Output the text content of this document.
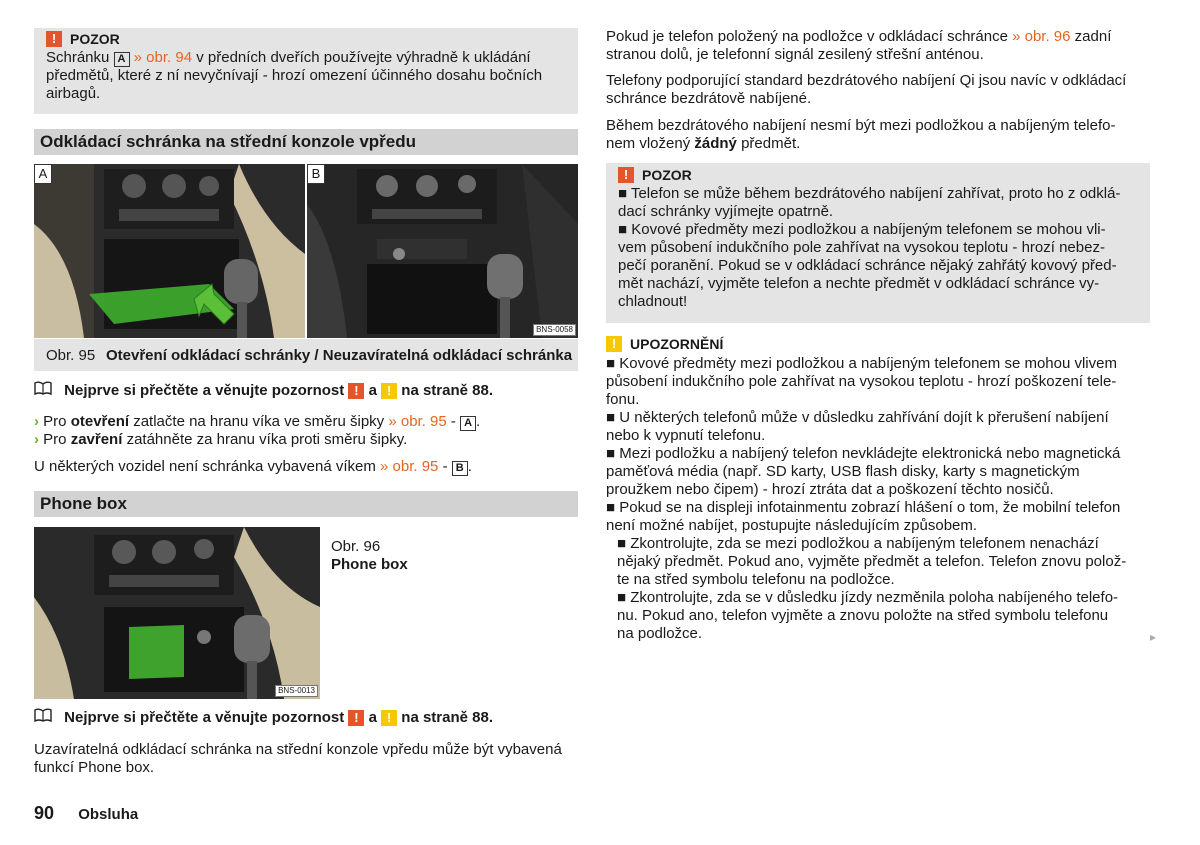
! POZOR
Schránku A » obr. 94 v předních dveřích používejte výhradně k ukládání
předmětů, které z ní nevyčnívají - hrozí omezení účinného dosahu bočních
airbagů.
Odkládací schránka na střední konzole vpředu
A	B
BNS-0058
Obr. 95 Otevření odkládací schránky / Neuzavíratelná odkládací schránka
Nejprve si přečtěte a věnujte pozornost ! a ! na straně 88.
› Pro otevření zatlačte na hranu víka ve směru šipky » obr. 95 - A .
› Pro zavření zatáhněte za hranu víka proti směru šipky.
U některých vozidel není schránka vybavená víkem » obr. 95 - B .
Phone box
BNS-0013
Obr. 96
Phone box
Nejprve si přečtěte a věnujte pozornost ! a ! na straně 88.
Uzavíratelná odkládací schránka na střední konzole vpředu může být vybavená
funkcí Phone box.
90 Obsluha
Pokud je telefon položený na podložce v odkládací schránce » obr. 96 zadní
stranou dolů, je telefonní signál zesilený střešní anténou.
Telefony podporující standard bezdrátového nabíjení Qi jsou navíc v odkládací
schránce bezdrátově nabíjené.
Během bezdrátového nabíjení nesmí být mezi podložkou a nabíjeným telefo-
nem vložený žádný předmět.
! POZOR
■ Telefon se může během bezdrátového nabíjení zahřívat, proto ho z odklá-
dací schránky vyjímejte opatrně.
■ Kovové předměty mezi podložkou a nabíjeným telefonem se mohou vli-
vem působení indukčního pole zahřívat na vysokou teplotu - hrozí nebez-
pečí poranění. Pokud se v odkládací schránce nějaký zahřátý kovový před-
mět nachází, vyjměte telefon a nechte předmět v odkládací schránce vy-
chladnout!
! UPOZORNĚNÍ
■ Kovové předměty mezi podložkou a nabíjeným telefonem se mohou vlivem
působení indukčního pole zahřívat na vysokou teplotu - hrozí poškození tele-
fonu.
■ U některých telefonů může v důsledku zahřívání dojít k přerušení nabíjení
nebo k vypnutí telefonu.
■ Mezi podložku a nabíjený telefon nevkládejte elektronická nebo magnetická
paměťová média (např. SD karty, USB flash disky, karty s magnetickým
proužkem nebo čipem) - hrozí ztráta dat a poškození těchto nosičů.
■ Pokud se na displeji infotainmentu zobrazí hlášení o tom, že mobilní telefon
není možné nabíjet, postupujte následujícím způsobem.
■ Zkontrolujte, zda se mezi podložkou a nabíjeným telefonem nenachází
nějaký předmět. Pokud ano, vyjměte předmět a telefon. Telefon znovu polož-
te na střed symbolu telefonu na podložce.
■ Zkontrolujte, zda se v důsledku jízdy nezměnila poloha nabíjeného telefo-
nu. Pokud ano, telefon vyjměte a znovu položte na střed symbolu telefonu
na podložce.	▸
